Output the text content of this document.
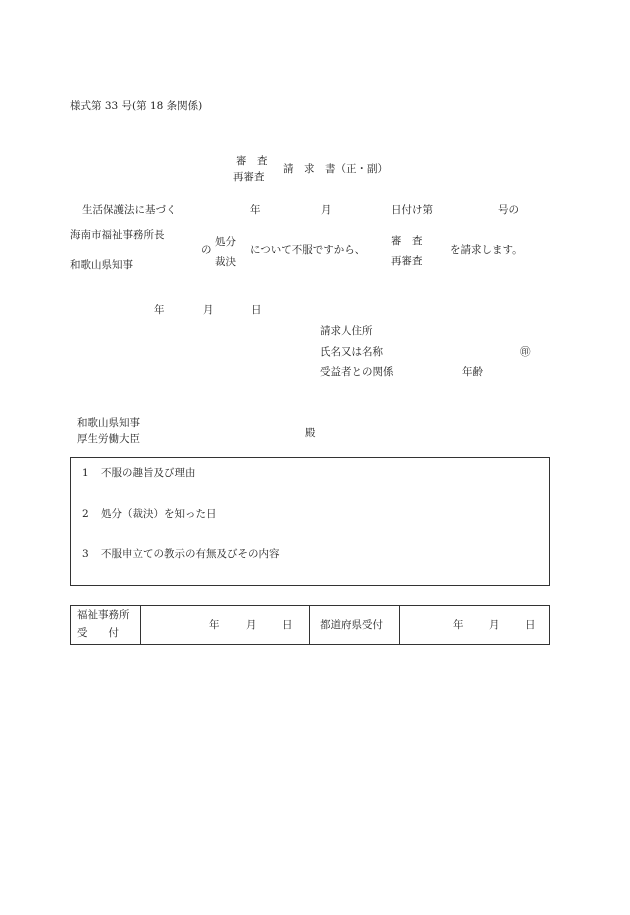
様式第 33 号(第 18 条関係)
審　査
再審査
請　求　書（正・副）
生活保護法に基づく	年	月	日付け第	号の
海南市福祉事務所長
和歌山県知事
の
処分
裁決
について不服ですから、
審　査
再審査
を請求します。
年	月	日
請求人住所
氏名又は名称	㊞
受益者との関係	年齢
和歌山県知事
厚生労働大臣	殿
1 不服の趣旨及び理由
2 処分（裁決）を知った日
3 不服申立ての教示の有無及びその内容
福祉事務所
受　　付
年	月 日	都道府県受付	年 月 日
